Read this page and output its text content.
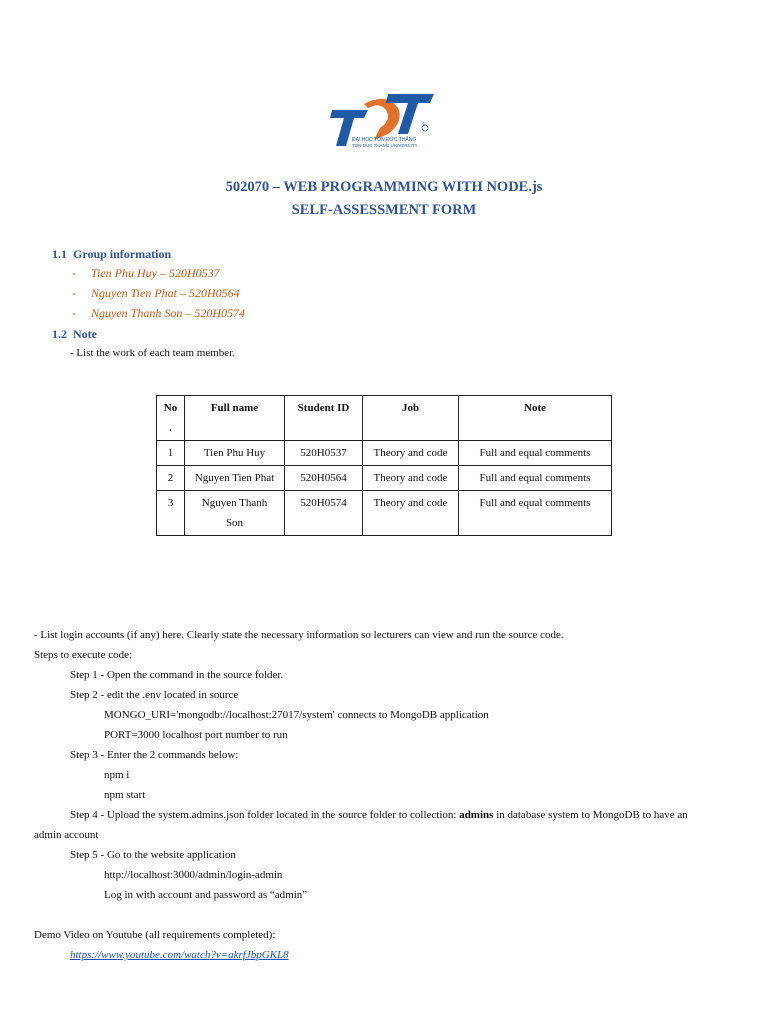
®
ĐẠI HỌC TÔN ĐỨC THẮNG
TON DUC THANG UNIVERSITY
502070 – WEB PROGRAMMING WITH NODE.js
SELF-ASSESSMENT FORM
1.1 Group information
-     Tien Phu Huy – 520H0537
-     Nguyen Tien Phat – 520H0564
-     Nguyen Thanh Son – 520H0574
1.2 Note
- List the work of each team member.
No
.	Full name	Student ID	Job	Note
1	Tien Phu Huy	520H0537	Theory and code	Full and equal comments
2	Nguyen Tien Phat	520H0564	Theory and code	Full and equal comments
3	Nguyen Thanh
Son	520H0574	Theory and code	Full and equal comments
- List login accounts (if any) here. Clearly state the necessary information so lecturers can view and run the source code.
Steps to execute code:
Step 1 - Open the command in the source folder.
Step 2 - edit the .env located in source
MONGO_URI='mongodb://localhost:27017/system' connects to MongoDB application
PORT=3000 localhost port number to run
Step 3 - Enter the 2 commands below:
npm i
npm start
Step 4 - Upload the system.admins.json folder located in the source folder to collection: admins in database system to MongoDB to have an
admin account
Step 5 - Go to the website application
http://localhost:3000/admin/login-admin
Log in with account and password as “admin”
Demo Video on Youtube (all requirements completed):
https://www.youtube.com/watch?v=akrfJbpGKL8
